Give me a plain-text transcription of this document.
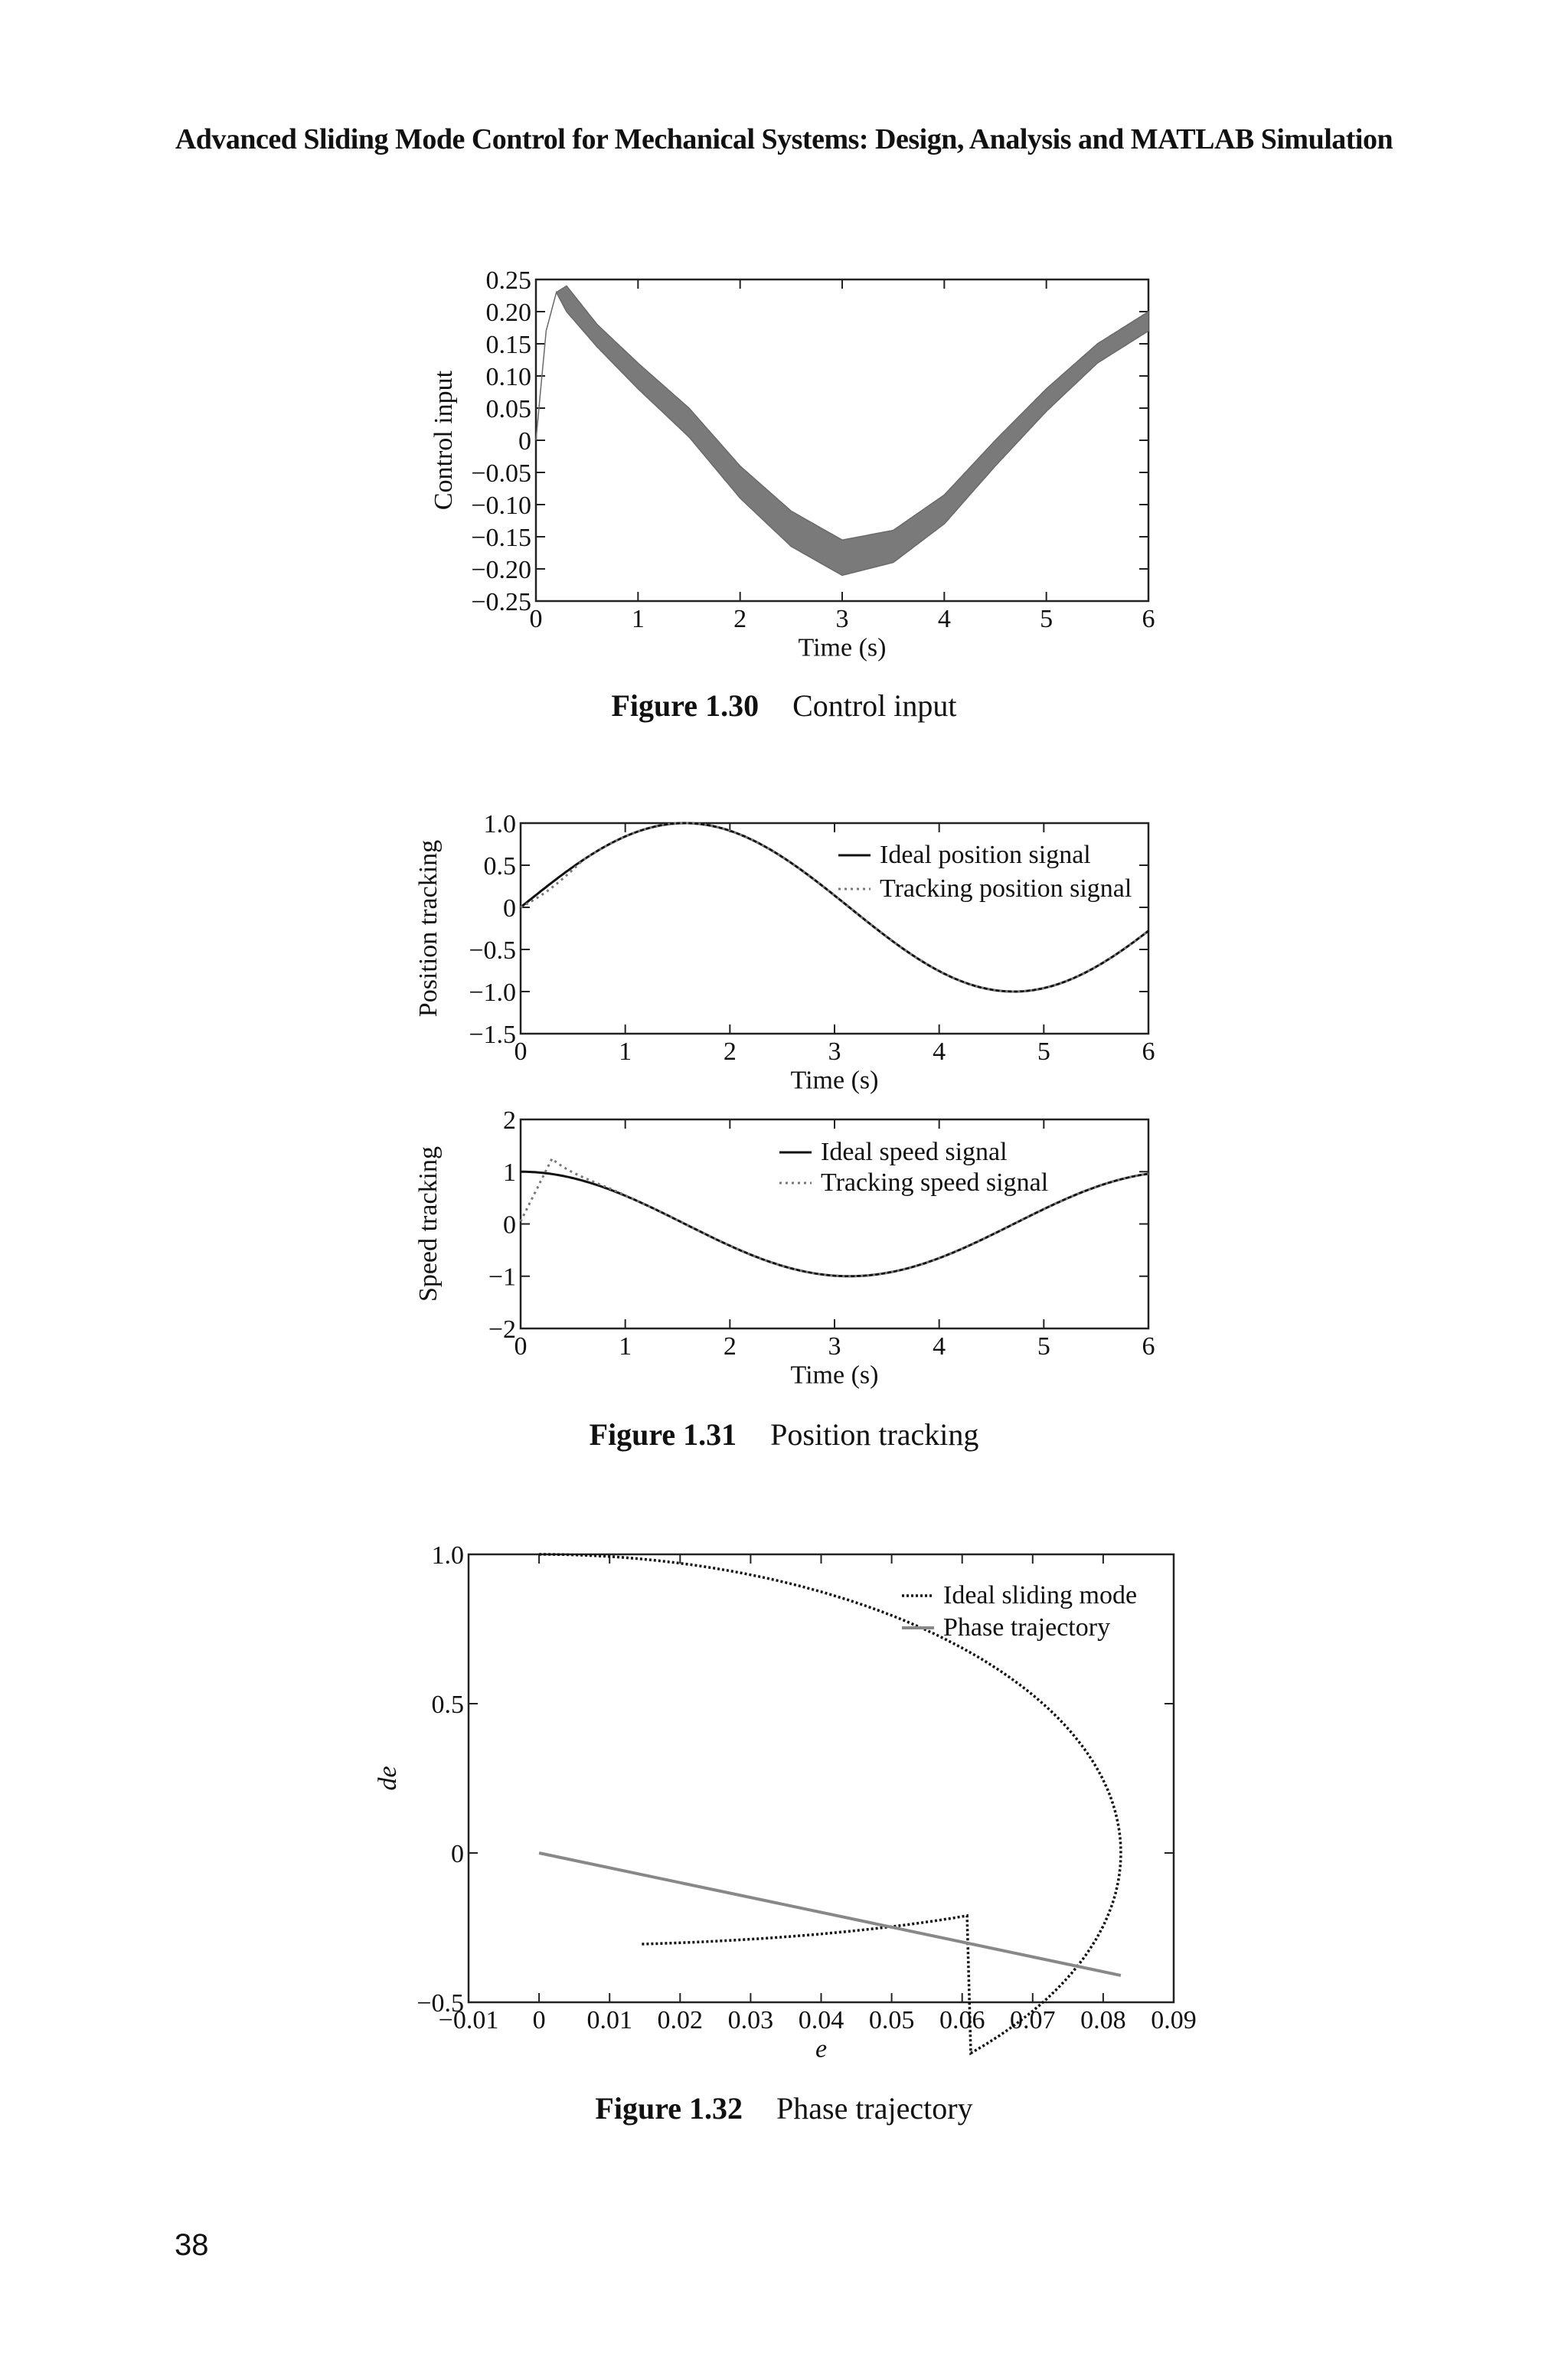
Advanced Sliding Mode Control for Mechanical Systems: Design, Analysis and MATLAB Simulation
0	1	2	3	4	5	6
0.25
0.20
0.15
0.10
0.05
0
−0.05
−0.10
−0.15
−0.20
−0.25
Time (s)
Control input
Figure 1.30 Control input
0	1	2	3	4	5	6
1.0
0.5
0
−0.5
−1.0
−1.5
Time (s)
Position tracking	Ideal position signal
Tracking position signal
0	1	2	3	4	5	6
2
1
0
−1
−2
Time (s)
Speed tracking	Ideal speed signal
Tracking speed signal
Figure 1.31 Position tracking
−0.01 0 0.01 0.02 0.03 0.04 0.05 0.06 0.07 0.08 0.09
1.0
0.5
0
−0.5
e
de
Ideal sliding mode
Phase trajectory
Figure 1.32 Phase trajectory
38
